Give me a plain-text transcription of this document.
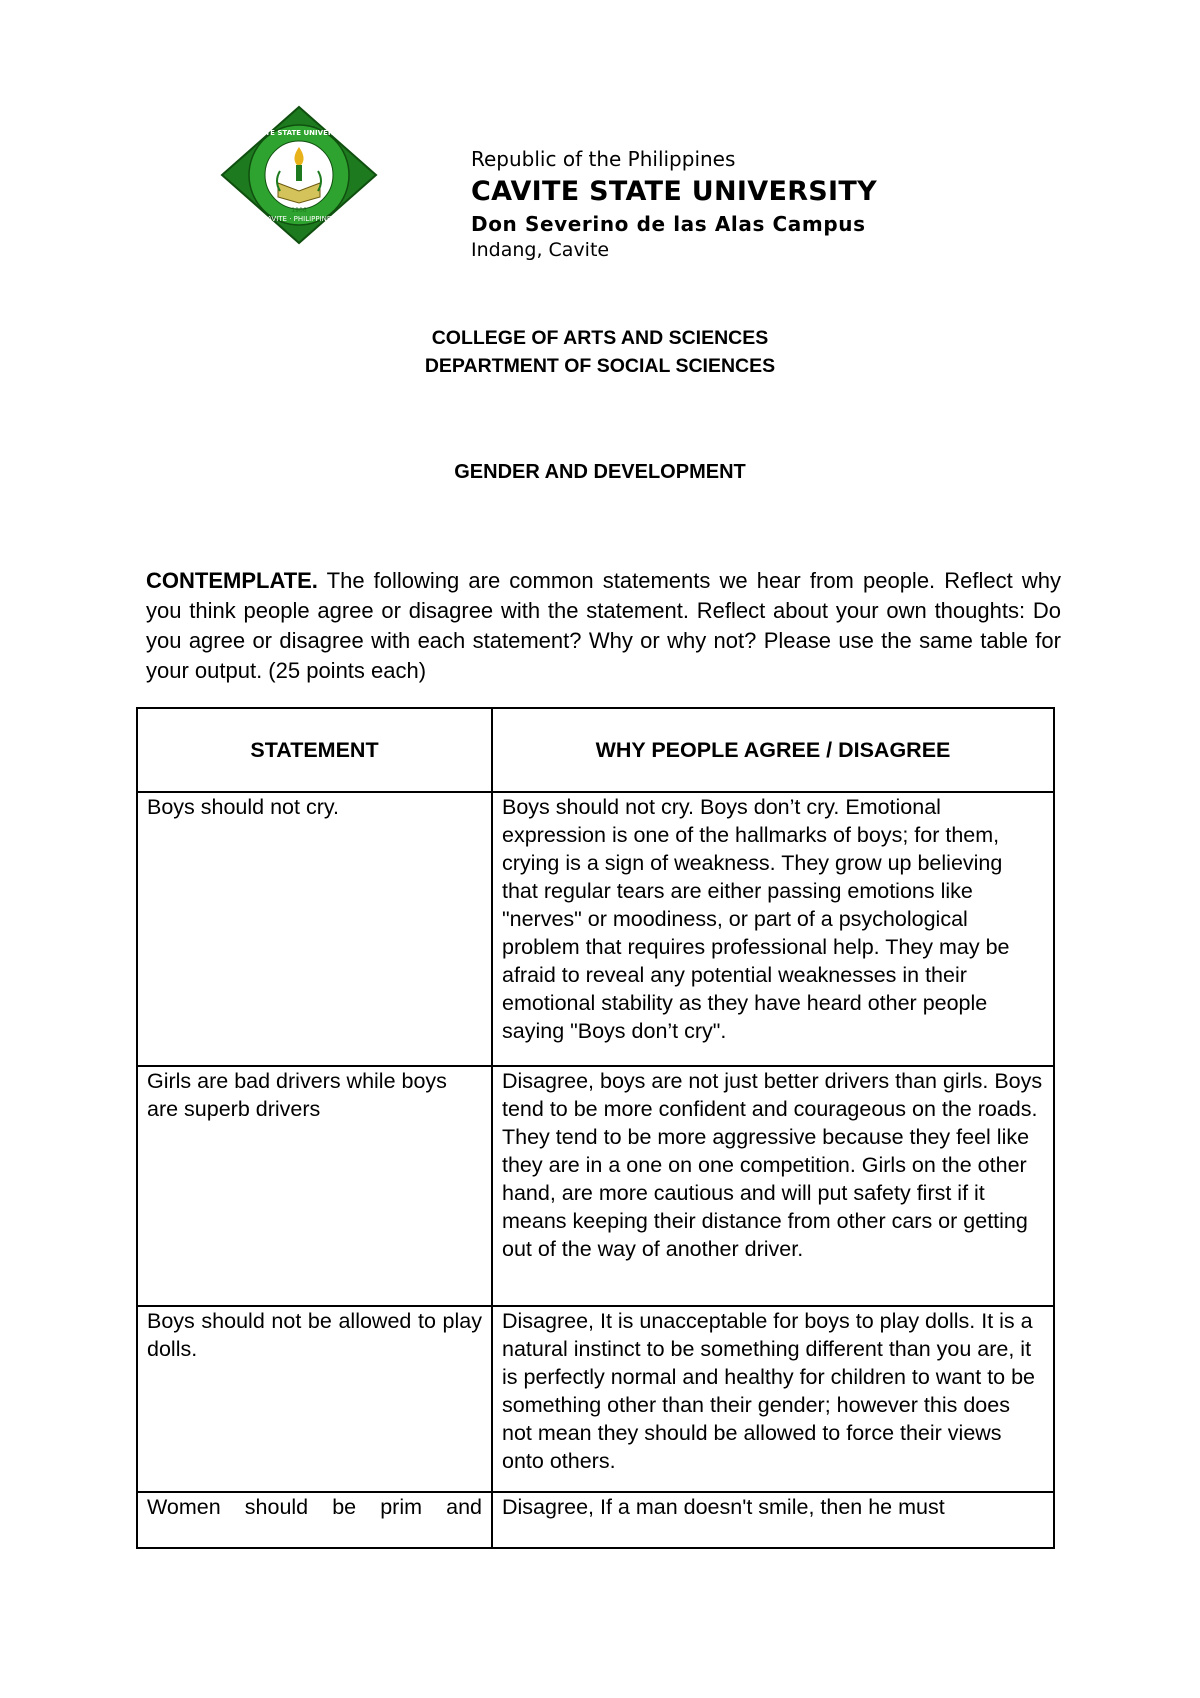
CAVITE STATE UNIVERSITY
CAVITE · PHILIPPINES
1906

Republic of the Philippines

CAVITE STATE UNIVERSITY

Don Severino de las Alas Campus

Indang, Cavite

COLLEGE OF ARTS AND SCIENCES
DEPARTMENT OF SOCIAL SCIENCES
GENDER AND DEVELOPMENT
CONTEMPLATE. The following are common statements we hear from people. Reflect why you think people agree or disagree with the statement. Reflect about your own thoughts: Do you agree or disagree with each statement? Why or why not? Please use the same table for your output. (25 points each)
STATEMENT	WHY PEOPLE AGREE / DISAGREE
Boys should not cry.	Boys should not cry. Boys don’t cry. Emotional expression is one of the hallmarks of boys; for them, crying is a sign of weakness. They grow up believing that regular tears are either passing emotions like "nerves" or moodiness, or part of a psychological problem that requires professional help. They may be afraid to reveal any potential weaknesses in their emotional stability as they have heard other people saying "Boys don’t cry".
Girls are bad drivers while boys are superb drivers	Disagree, boys are not just better drivers than girls. Boys tend to be more confident and courageous on the roads. They tend to be more aggressive because they feel like they are in a one on one competition. Girls on the other hand, are more cautious and will put safety first if it means keeping their distance from other cars or getting out of the way of another driver.
Boys should not be allowed to play dolls.	Disagree, It is unacceptable for boys to play dolls. It is a natural instinct to be something different than you are, it is perfectly normal and healthy for children to want to be something other than their gender; however this does not mean they should be allowed to force their views onto others.
Women should be prim and	Disagree, If a man doesn't smile, then he must
